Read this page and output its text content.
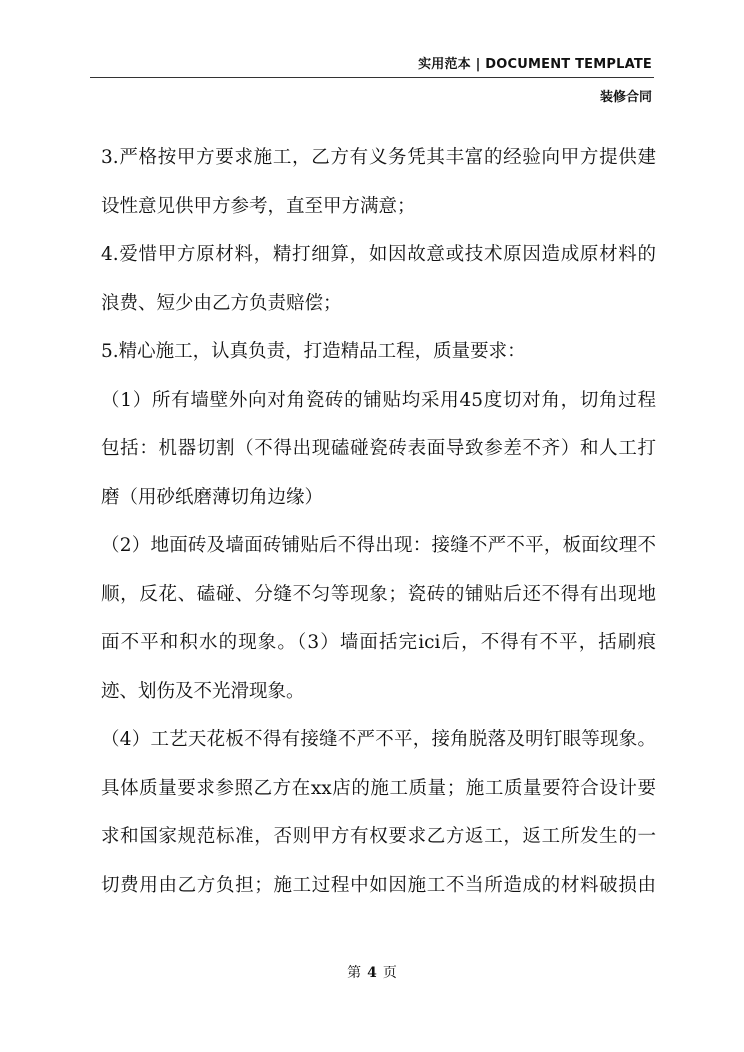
实用范本 | DOCUMENT TEMPLATE
装修合同
3.严格按甲方要求施工，乙方有义务凭其丰富的经验向甲方提供建
设性意见供甲方参考，直至甲方满意；
4.爱惜甲方原材料，精打细算，如因故意或技术原因造成原材料的
浪费、短少由乙方负责赔偿；
5.精心施工，认真负责，打造精品工程，质量要求：
（1）所有墙壁外向对角瓷砖的铺贴均采用45度切对角，切角过程
包括：机器切割（不得出现磕碰瓷砖表面导致参差不齐）和人工打
磨（用砂纸磨薄切角边缘）
（2）地面砖及墙面砖铺贴后不得出现：接缝不严不平，板面纹理不
顺，反花、磕碰、分缝不匀等现象；瓷砖的铺贴后还不得有出现地
面不平和积水的现象。（3）墙面括完ici后，不得有不平，括刷痕
迹、划伤及不光滑现象。
（4）工艺天花板不得有接缝不严不平，接角脱落及明钉眼等现象。
具体质量要求参照乙方在xx店的施工质量；施工质量要符合设计要
求和国家规范标准，否则甲方有权要求乙方返工，返工所发生的一
切费用由乙方负担；施工过程中如因施工不当所造成的材料破损由
第 4 页
